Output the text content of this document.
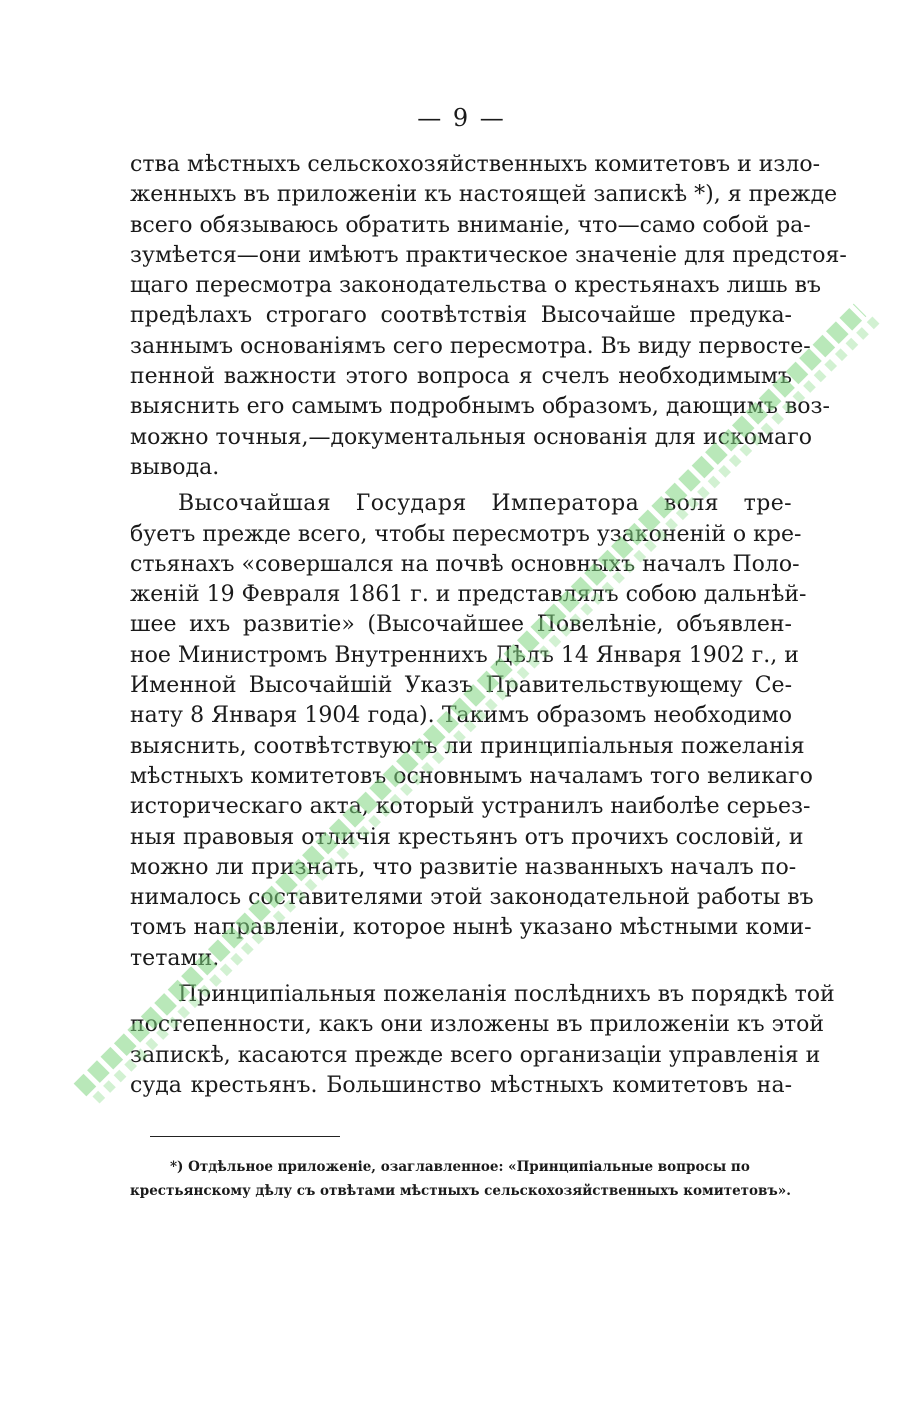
— 9 —
ства мѣстныхъ сельскохозяйственныхъ комитетовъ и изло-
женныхъ въ приложеніи къ настоящей запискѣ *), я прежде
всего обязываюсь обратить вниманіе, что—само собой ра-
зумѣется—они имѣютъ практическое значеніе для предстоя-
щаго пересмотра законодательства о крестьянахъ лишь въ
предѣлахъ строгаго соотвѣтствія Высочайше предука-
заннымъ основаніямъ сего пересмотра. Въ виду первосте-
пенной важности этого вопроса я счелъ необходимымъ
выяснить его самымъ подробнымъ образомъ, дающимъ воз-
можно точныя,—документальныя основанія для искомаго
вывода.
Высочайшая Государя Императора воля тре-
буетъ прежде всего, чтобы пересмотръ узаконеній о кре-
стьянахъ «совершался на почвѣ основныхъ началъ Поло-
женій 19 Февраля 1861 г. и представлялъ собою дальнѣй-
шее ихъ развитіе» (Высочайшее Повелѣніе, объявлен-
ное Министромъ Внутреннихъ Дѣлъ 14 Января 1902 г., и
Именной Высочайшій Указъ Правительствующему Се-
нату 8 Января 1904 года). Такимъ образомъ необходимо
выяснить, соотвѣтствуютъ ли принципіальныя пожеланія
мѣстныхъ комитетовъ основнымъ началамъ того великаго
историческаго акта, который устранилъ наиболѣе серьез-
ныя правовыя отличія крестьянъ отъ прочихъ сословій, и
можно ли признать, что развитіе названныхъ началъ по-
нималось составителями этой законодательной работы въ
томъ направленіи, которое нынѣ указано мѣстными коми-
тетами.
Принципіальныя пожеланія послѣднихъ въ порядкѣ той
постепенности, какъ они изложены въ приложеніи къ этой
запискѣ, касаются прежде всего организаціи управленія и
суда крестьянъ. Большинство мѣстныхъ комитетовъ на-
*) Отдѣльное приложеніе, озаглавленное: «Принципіальные вопросы по
крестьянскому дѣлу съ отвѣтами мѣстныхъ сельскохозяйственныхъ комитетовъ».
